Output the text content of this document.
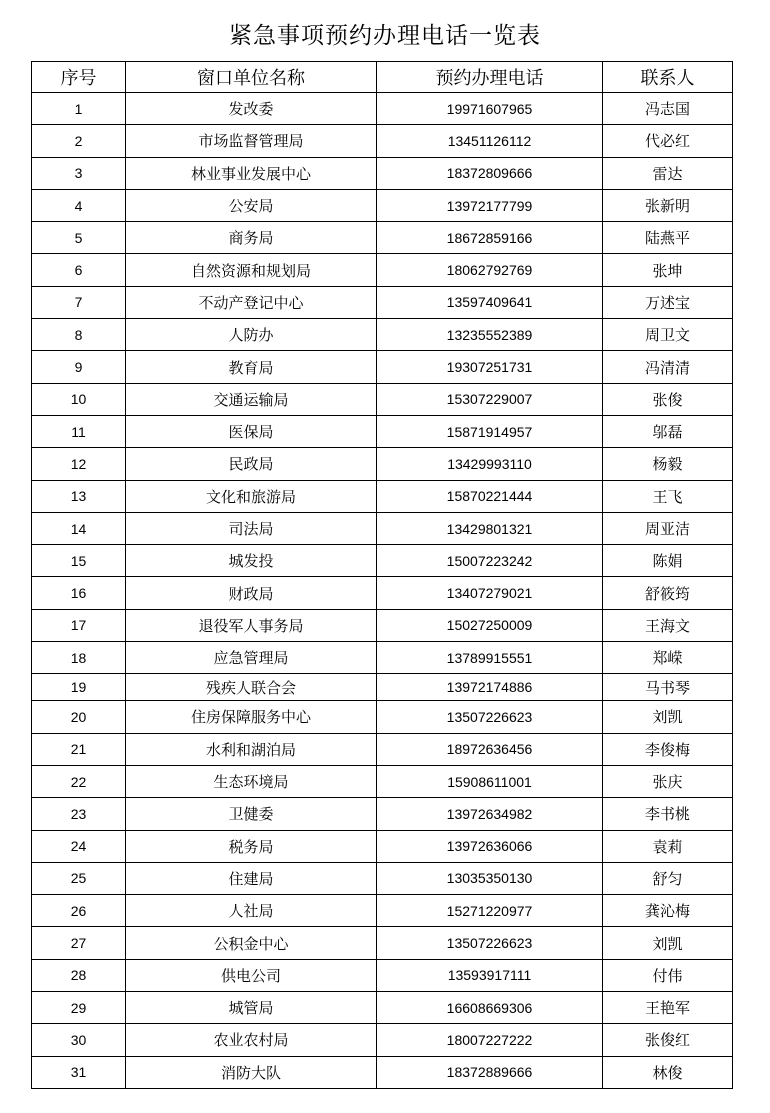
紧急事项预约办理电话一览表
序号	窗口单位名称	预约办理电话	联系人
1	发改委	19971607965	冯志国
2	市场监督管理局	13451126112	代必红
3	林业事业发展中心	18372809666	雷达
4	公安局	13972177799	张新明
5	商务局	18672859166	陆燕平
6	自然资源和规划局	18062792769	张坤
7	不动产登记中心	13597409641	万述宝
8	人防办	13235552389	周卫文
9	教育局	19307251731	冯清清
10	交通运输局	15307229007	张俊
11	医保局	15871914957	邬磊
12	民政局	13429993110	杨毅
13	文化和旅游局	15870221444	王飞
14	司法局	13429801321	周亚洁
15	城发投	15007223242	陈娟
16	财政局	13407279021	舒筱筠
17	退役军人事务局	15027250009	王海文
18	应急管理局	13789915551	郑嵘
19	残疾人联合会	13972174886	马书琴
20	住房保障服务中心	13507226623	刘凯
21	水利和湖泊局	18972636456	李俊梅
22	生态环境局	15908611001	张庆
23	卫健委	13972634982	李书桃
24	税务局	13972636066	袁莉
25	住建局	13035350130	舒匀
26	人社局	15271220977	龚沁梅
27	公积金中心	13507226623	刘凯
28	供电公司	13593917111	付伟
29	城管局	16608669306	王艳军
30	农业农村局	18007227222	张俊红
31	消防大队	18372889666	林俊
